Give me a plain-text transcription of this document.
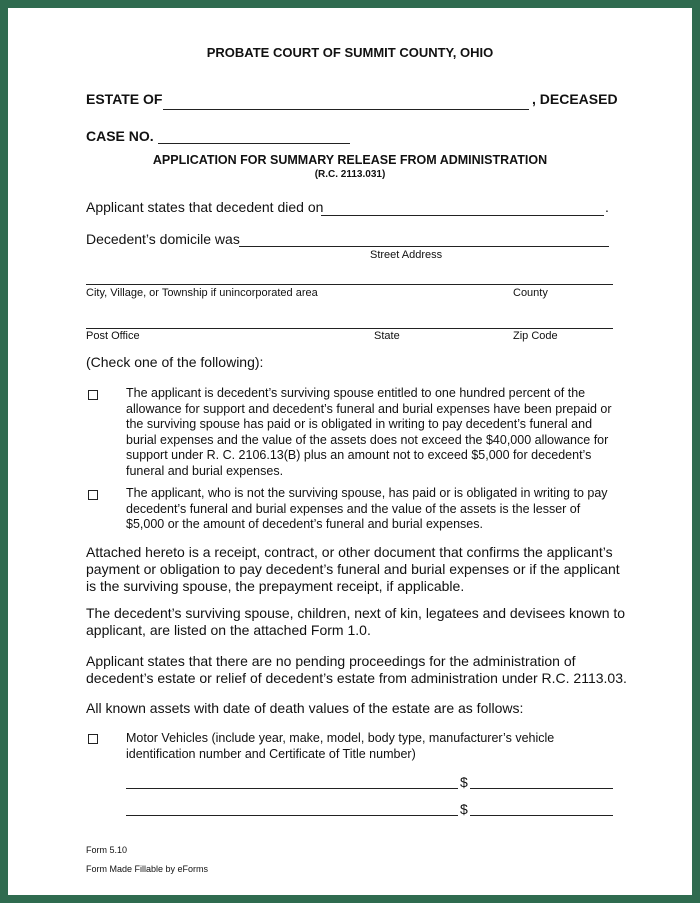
PROBATE COURT OF SUMMIT COUNTY, OHIO
ESTATE OF	, DECEASED
CASE NO.
APPLICATION FOR SUMMARY RELEASE FROM ADMINISTRATION
(R.C. 2113.031)
Applicant states that decedent died on	.
Decedent’s domicile was
Street Address
City, Village, or Township if unincorporated area	County
Post Office	State	Zip Code
(Check one of the following):
The applicant is decedent’s surviving spouse entitled to one hundred percent of the
allowance for support and decedent’s funeral and burial expenses have been prepaid or
the surviving spouse has paid or is obligated in writing to pay decedent’s funeral and
burial expenses and the value of the assets does not exceed the $40,000 allowance for
support under R. C. 2106.13(B) plus an amount not to exceed $5,000 for decedent’s
funeral and burial expenses.
The applicant, who is not the surviving spouse, has paid or is obligated in writing to pay
decedent’s funeral and burial expenses and the value of the assets is the lesser of
$5,000 or the amount of decedent’s funeral and burial expenses.
Attached hereto is a receipt, contract, or other document that confirms the applicant’s
payment or obligation to pay decedent’s funeral and burial expenses or if the applicant
is the surviving spouse, the prepayment receipt, if applicable.
The decedent’s surviving spouse, children, next of kin, legatees and devisees known to
applicant, are listed on the attached Form 1.0.
Applicant states that there are no pending proceedings for the administration of
decedent’s estate or relief of decedent’s estate from administration under R.C. 2113.03.
All known assets with date of death values of the estate are as follows:
Motor Vehicles (include year, make, model, body type, manufacturer’s vehicle
identification number and Certificate of Title number)
$
$
Form 5.10
Form Made Fillable by eForms
